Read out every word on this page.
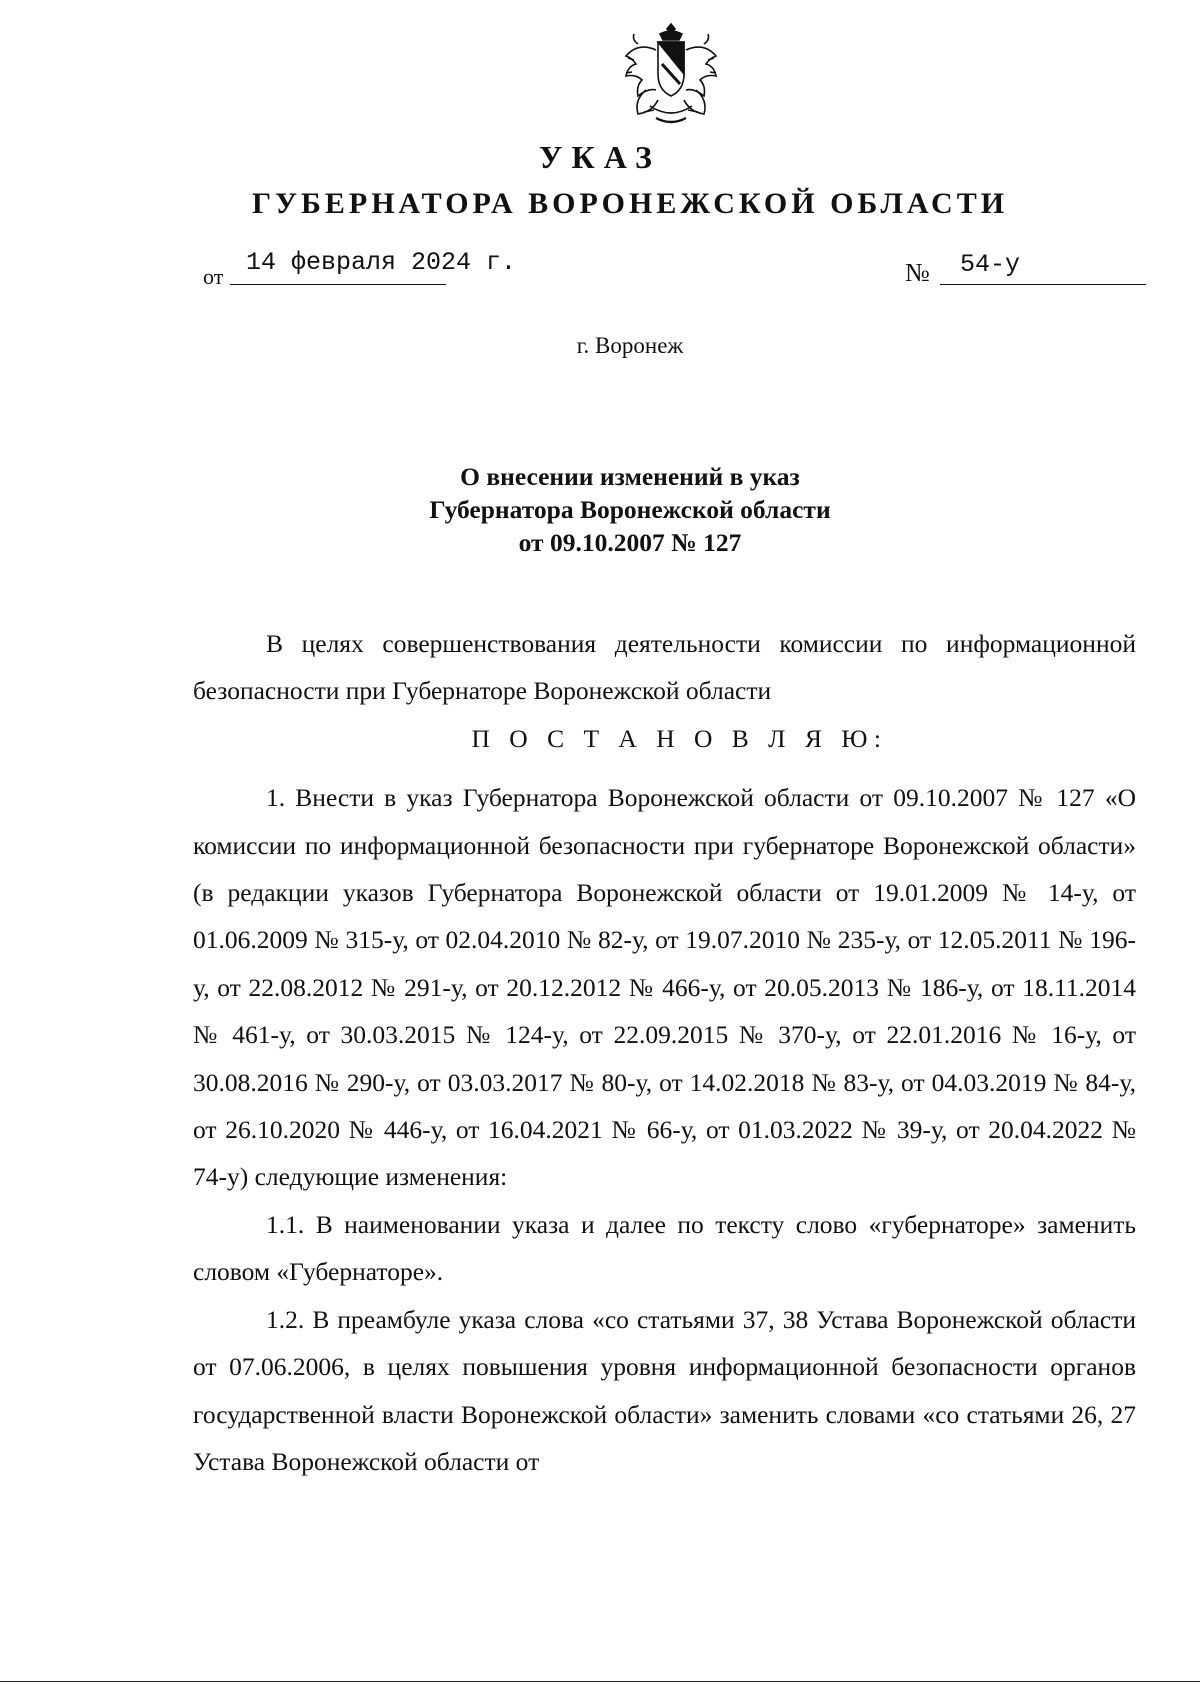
УКАЗ
ГУБЕРНАТОРА ВОРОНЕЖСКОЙ ОБЛАСТИ
от 14 февраля 2024 г.	№ 54-у
г. Воронеж
О внесении изменений в указ
Губернатора Воронежской области
от 09.10.2007 № 127

В целях совершенствования деятельности комиссии по информационной безопасности при Губернаторе Воронежской области

П О С Т А Н О В Л Я Ю:

1. Внести в указ Губернатора Воронежской области от 09.10.2007 № 127 «О комиссии по информационной безопасности при губернаторе Воронежской области» (в редакции указов Губернатора Воронежской области от 19.01.2009 № 14-у, от 01.06.2009 № 315-у, от 02.04.2010 № 82-у, от 19.07.2010 № 235-у, от 12.05.2011 № 196-у, от 22.08.2012 № 291-у, от 20.12.2012 № 466-у, от 20.05.2013 № 186-у, от 18.11.2014 № 461-у, от 30.03.2015 № 124-у, от 22.09.2015 № 370-у, от 22.01.2016 № 16-у, от 30.08.2016 № 290-у, от 03.03.2017 № 80-у, от 14.02.2018 № 83-у, от 04.03.2019 № 84-у, от 26.10.2020 № 446-у, от 16.04.2021 № 66-у, от 01.03.2022 № 39-у, от 20.04.2022 № 74-у) следующие изменения:

1.1. В наименовании указа и далее по тексту слово «губернаторе» заменить словом «Губернаторе».

1.2. В преамбуле указа слова «со статьями 37, 38 Устава Воронежской области от 07.06.2006, в целях повышения уровня информационной безопасности органов государственной власти Воронежской области» заменить словами «со статьями 26, 27 Устава Воронежской области от
